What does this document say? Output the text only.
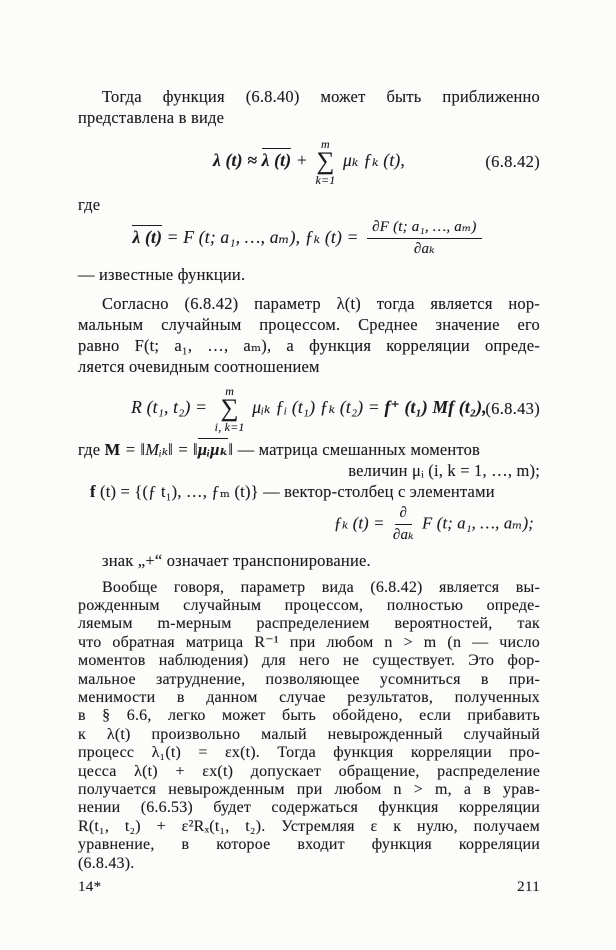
Тогда функция (6.8.40) может быть приближенно
представлена в виде
λ (t) ≈ λ (t) +
m
∑
k=1
μₖ ƒₖ (t),	(6.8.42)
где
λ (t) = F (t; a₁, …, aₘ), ƒₖ $(t) = \frac{\text{∂F (t; a₁, …, aₘ)}}{\text{∂aₖ}}$
— известные функции.
Согласно (6.8.42) параметр λ(t) тогда является нор-
мальным случайным процессом. Среднее значение его
равно F(t; a₁, …, aₘ), а функция корреляции опреде-
ляется очевидным соотношением
R (t₁, t₂) =
m
∑
i, k=1
μᵢₖ ƒᵢ (t₁) ƒₖ (t₂) = f⁺ (t₁) Mf (t₂),
(6.8.43)
где M = ‖Mᵢₖ‖ = ‖μᵢμₖ‖ — матрица смешанных моментов
величин μᵢ (i, k = 1, …, m);
f (t) = {(ƒ t₁), …, ƒₘ (t)} — вектор-столбец с элементами
ƒₖ $(t) = \frac{\partial}{\text{∂aₖ}}$ F (t; a₁, …, aₘ);
знак „+“ означает транспонирование.
Вообще говоря, параметр вида (6.8.42) является вы-
рожденным случайным процессом, полностью опреде-
ляемым m-мерным распределением вероятностей, так
что обратная матрица R⁻¹ при любом n > m (n — число
моментов наблюдения) для него не существует. Это фор-
мальное затруднение, позволяющее усомниться в при-
менимости в данном случае результатов, полученных
в § 6.6, легко может быть обойдено, если прибавить
к λ(t) произвольно малый невырожденный случайный
процесс λ₁(t) = εx(t). Тогда функция корреляции про-
цесса λ(t) + εx(t) допускает обращение, распределение
получается невырожденным при любом n > m, а в урав-
нении (6.6.53) будет содержаться функция корреляции
R(t₁, t₂) + ε²Rₓ(t₁, t₂). Устремляя ε к нулю, получаем
уравнение, в которое входит функция корреляции
(6.8.43).
14*	211
